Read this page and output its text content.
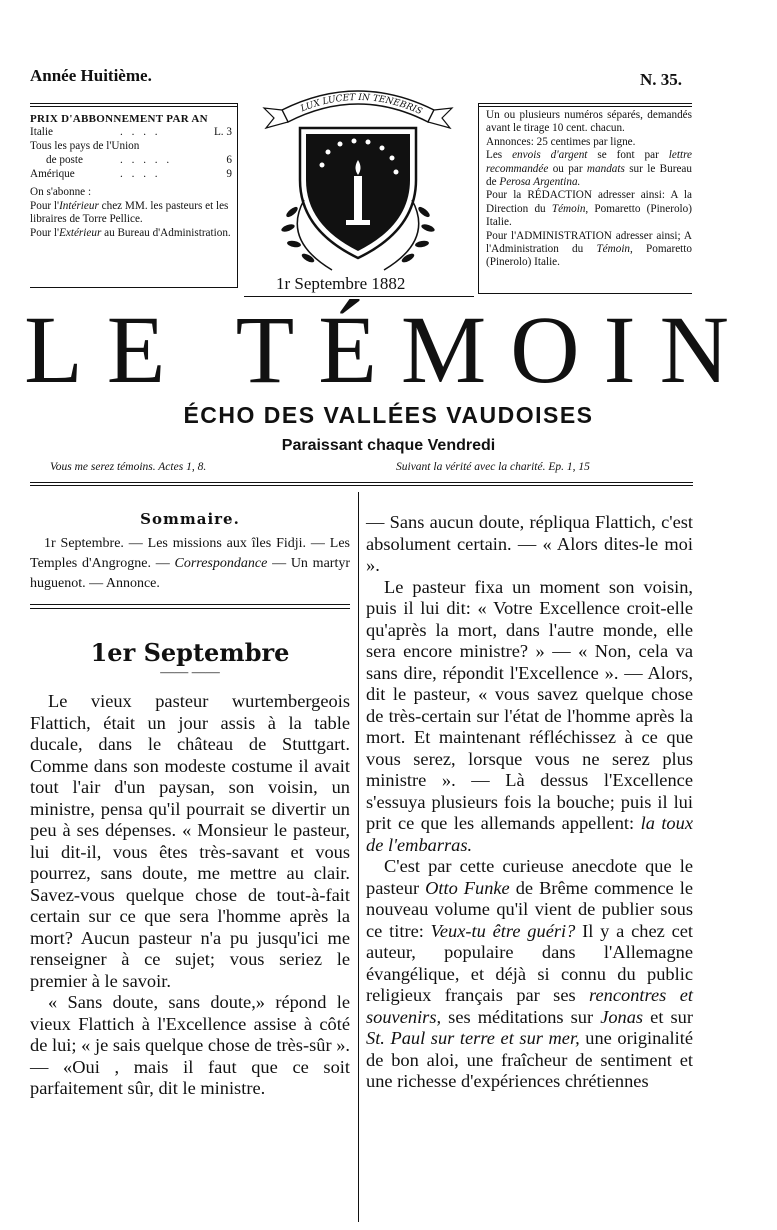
Année Huitième.	N. 35.

PRIX D'ABBONNEMENT PAR AN

Italie	. . . .	L. 3
Tous les pays de l'Union
de poste	. . . . .	6
Amérique	. . . .	9

On s'abonne :

Pour l'Intérieur chez MM. les pasteurs et les libraires de Torre Pellice.

Pour l'Extérieur au Bureau d'Administration.

LUX LUCET IN TENEBRIS
1r Septembre 1882

Un ou plusieurs numéros séparés, demandés avant le tirage 10 cent. chacun.

Annonces: 25 centimes par ligne.

Les envois d'argent se font par lettre recommandée ou par mandats sur le Bureau de Perosa Argentina.

Pour la RÉDACTION adresser ainsi: A la Direction du Témoin, Pomaretto (Pinerolo) Italie.

Pour l'ADMINISTRATION adresser ainsi; A l'Administration du Témoin, Pomaretto (Pinerolo) Italie.

LE TÉMOIN
ÉCHO DES VALLÉES VAUDOISES
Paraissant chaque Vendredi
Vous me serez témoins. Actes 1, 8.	Suivant la vérité avec la charité. Ep. 1, 15
Sommaire.
1r Septembre. — Les missions aux îles Fidji. — Les Temples d'Angrogne. — Correspondance — Un martyr huguenot. — Annonce.
1er Septembre
—— ——

Le vieux pasteur wurtembergeois Flattich, était un jour assis à la table ducale, dans le château de Stuttgart. Comme dans son modeste costume il avait tout l'air d'un paysan, son voisin, un ministre, pensa qu'il pourrait se divertir un peu à ses dépenses. « Monsieur le pasteur, lui dit-il, vous êtes très-savant et vous pourrez, sans doute, me mettre au clair. Savez-vous quelque chose de tout-à-fait certain sur ce que sera l'homme après la mort? Aucun pasteur n'a pu jusqu'ici me renseigner à ce sujet; vous seriez le premier à le savoir.

« Sans doute, sans doute,» répond le vieux Flattich à l'Excellence assise à côté de lui; « je sais quelque chose de très-sûr ». — «Oui , mais il faut que ce soit parfaitement sûr, dit le ministre.

— Sans aucun doute, répliqua Flattich, c'est absolument certain. — « Alors dites-le moi ».

Le pasteur fixa un moment son voisin, puis il lui dit: « Votre Excellence croit-elle qu'après la mort, dans l'autre monde, elle sera encore ministre? » — « Non, cela va sans dire, répondit l'Excellence ». — Alors, dit le pasteur, « vous savez quelque chose de très-certain sur l'état de l'homme après la mort. Et maintenant réfléchissez à ce que vous serez, lorsque vous ne serez plus ministre ». — Là dessus l'Excellence s'essuya plusieurs fois la bouche; puis il lui prit ce que les allemands appellent: la toux de l'embarras.

C'est par cette curieuse anecdote que le pasteur Otto Funke de Brême commence le nouveau volume qu'il vient de publier sous ce titre: Veux-tu être guéri? Il y a chez cet auteur, populaire dans l'Allemagne évangélique, et déjà si connu du public religieux français par ses rencontres et souvenirs, ses méditations sur Jonas et sur St. Paul sur terre et sur mer, une originalité de bon aloi, une fraîcheur de sentiment et une richesse d'expériences chrétiennes
